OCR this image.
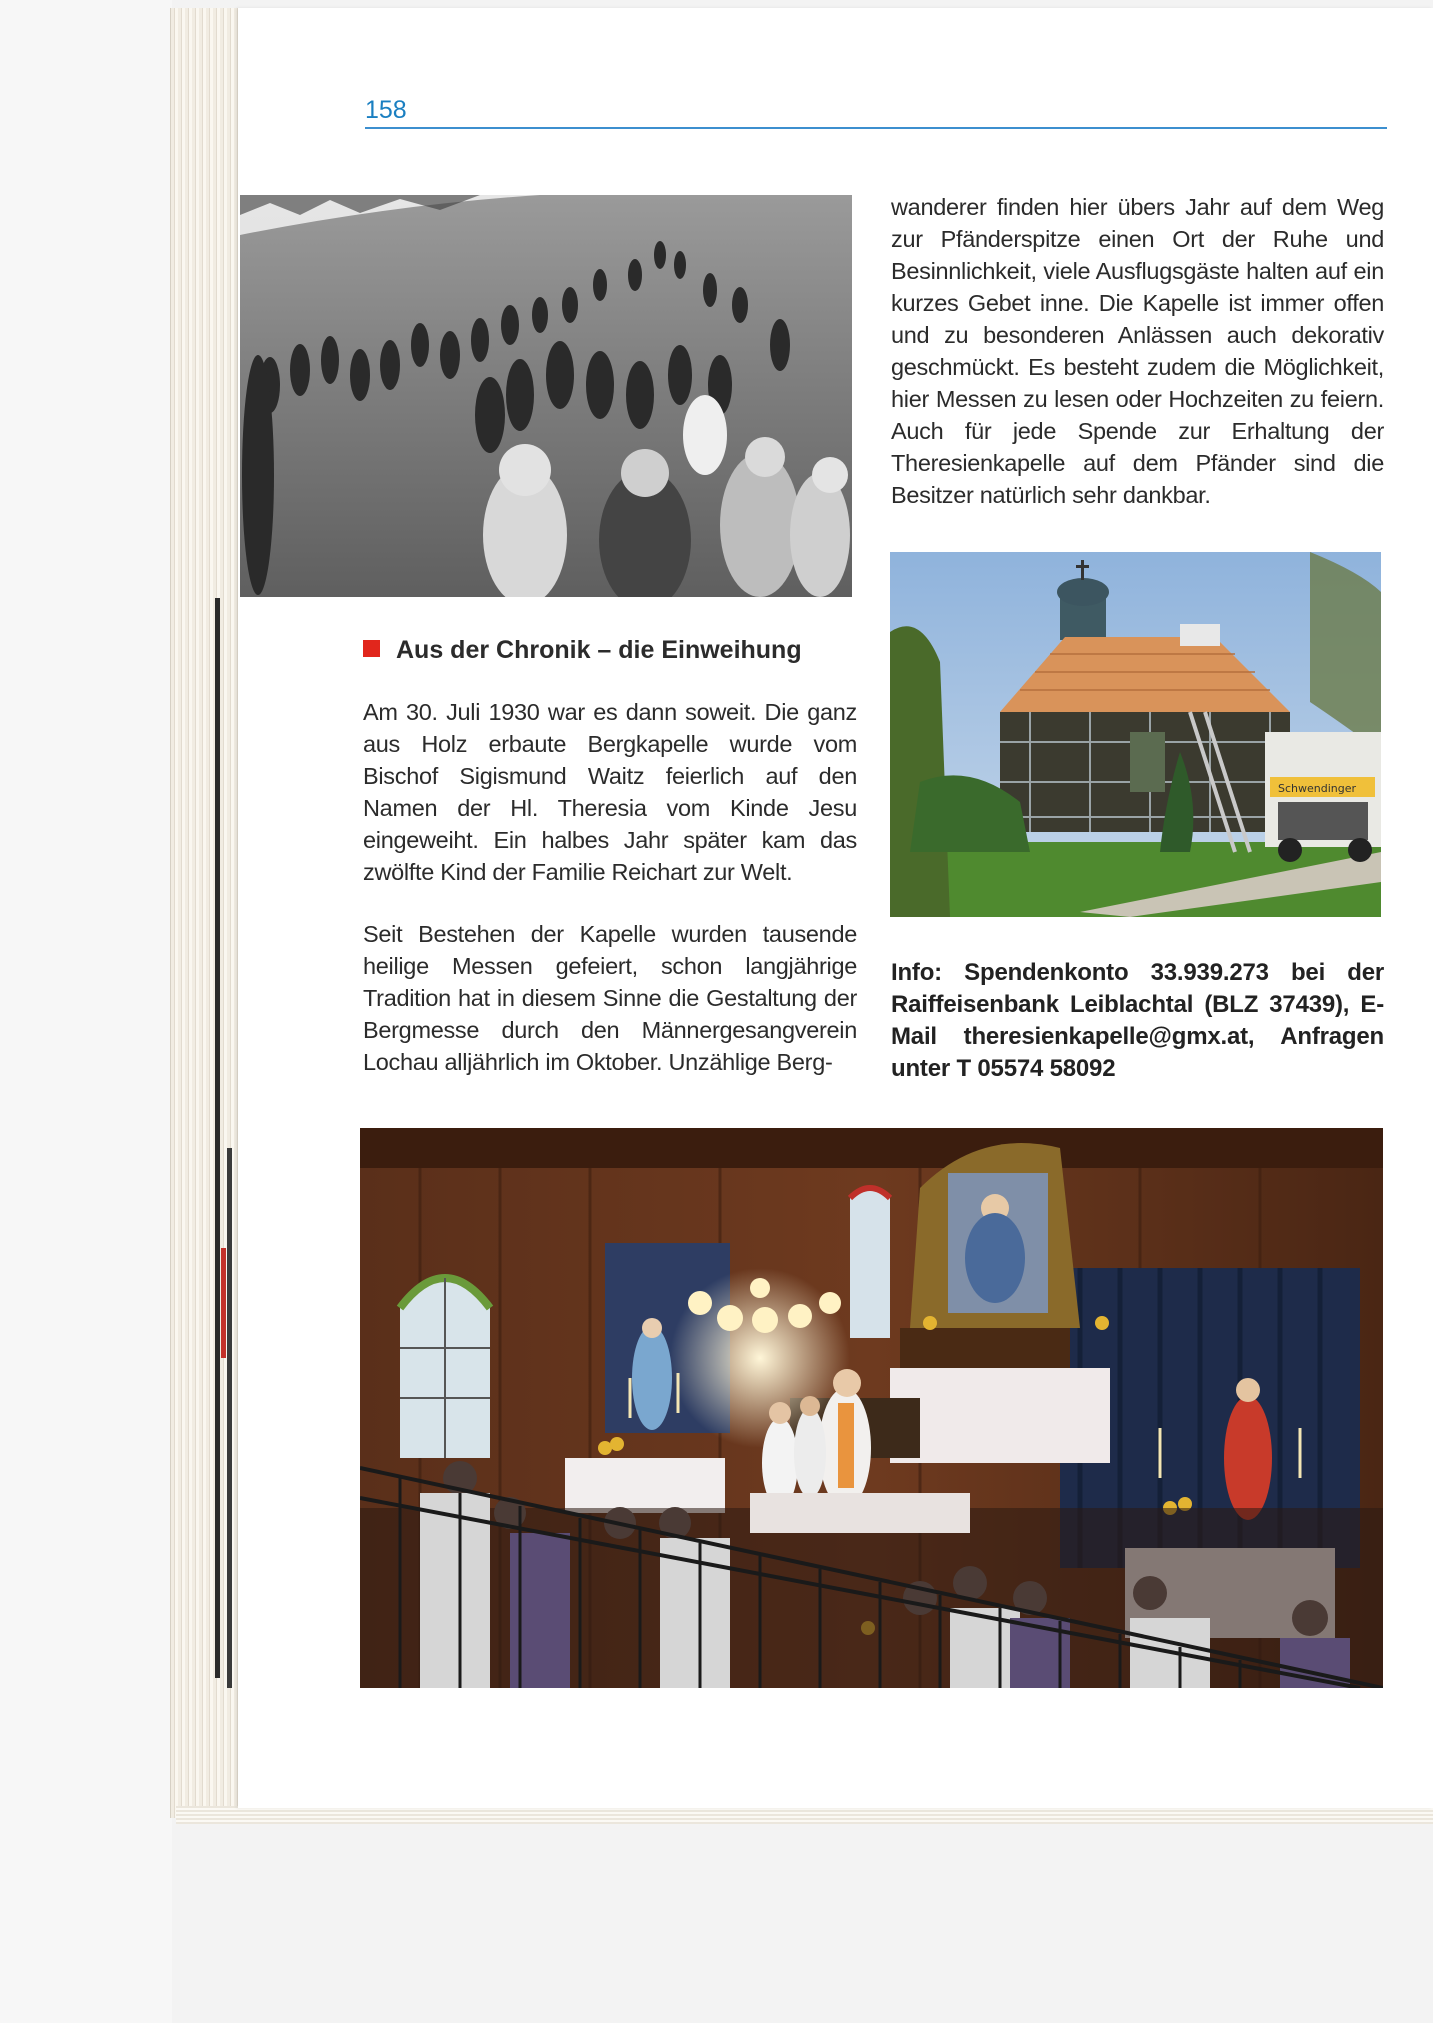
158

wanderer finden hier übers Jahr auf dem Weg zur Pfänderspitze einen Ort der Ruhe und Besinnlichkeit, viele Ausflugsgäste halten auf ein kurzes Gebet inne. Die Kapelle ist immer offen und zu besonderen Anlässen auch dekorativ geschmückt. Es besteht zudem die Möglichkeit, hier Messen zu lesen oder Hochzeiten zu feiern. Auch für jede Spende zur Erhaltung der Theresienkapelle auf dem Pfänder sind die Besitzer natürlich sehr dankbar.

Schwendinger
Aus der Chronik – die Einweihung

Am 30. Juli 1930 war es dann soweit. Die ganz aus Holz erbaute Bergkapelle wurde vom Bischof Sigismund Waitz feierlich auf den Namen der Hl. Theresia vom Kinde Jesu eingeweiht. Ein halbes Jahr später kam das zwölfte Kind der Familie Reichart zur Welt.

Seit Bestehen der Kapelle wurden tausende heilige Messen gefeiert, schon langjährige Tradition hat in diesem Sinne die Gestaltung der Bergmesse durch den Männergesangverein Lochau alljährlich im Oktober. Unzählige Berg-

Info: Spendenkonto 33.939.273 bei der Raiffeisenbank Leiblachtal (BLZ 37439), E-Mail theresienkapelle@gmx.at, Anfragen unter T 05574 58092
